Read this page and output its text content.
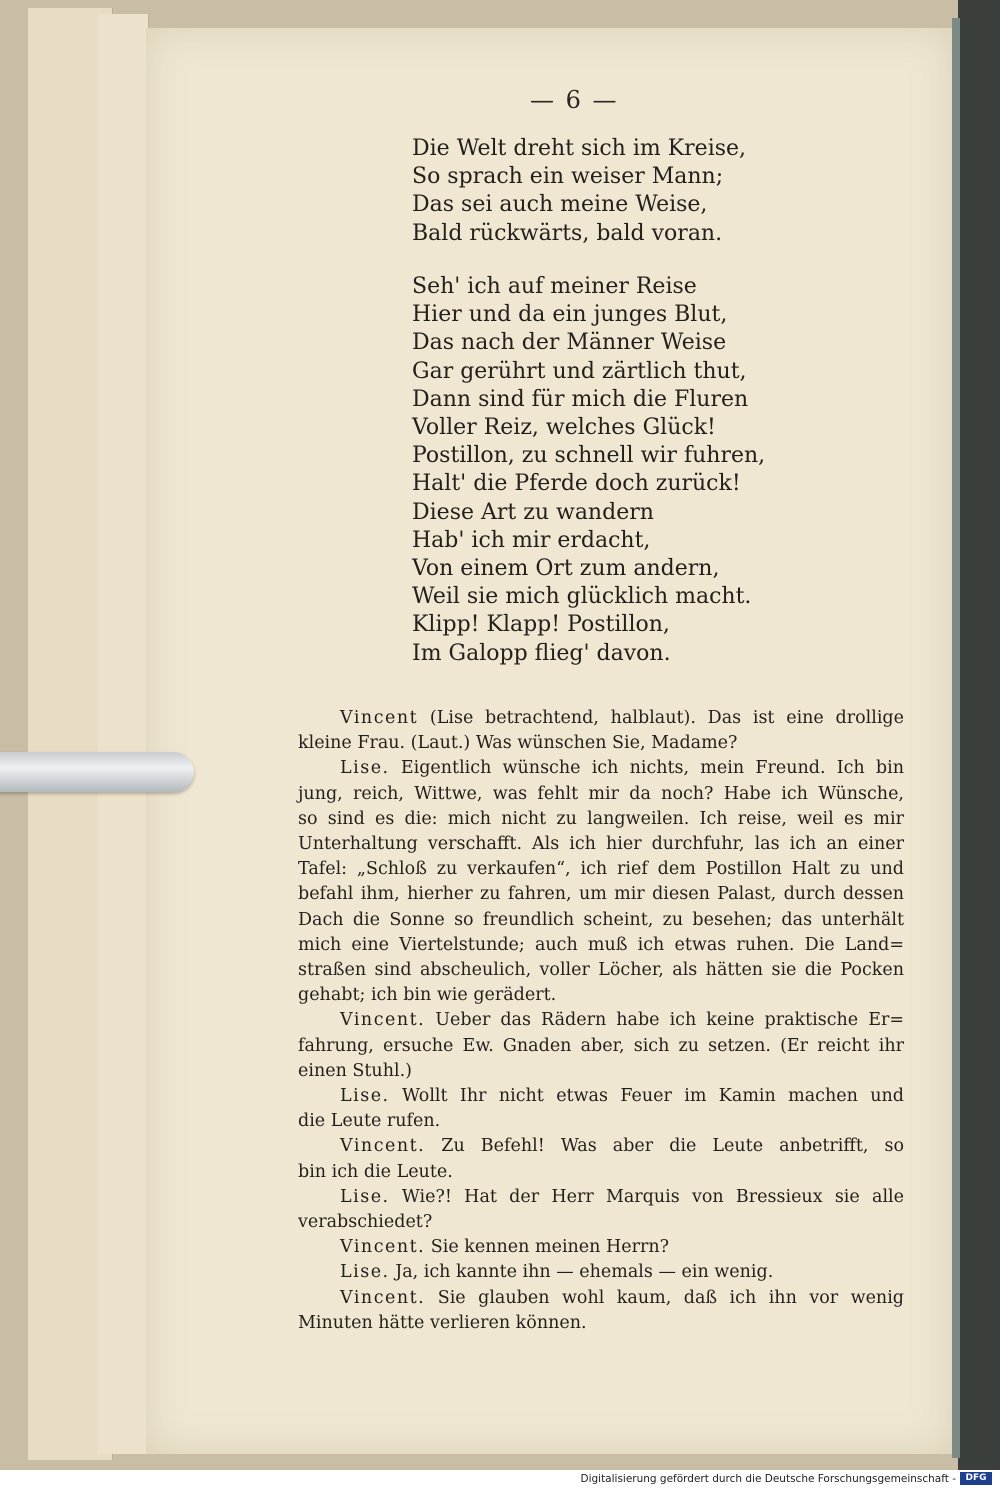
— 6 —
Die Welt dreht sich im Kreise,
So sprach ein weiser Mann;
Das sei auch meine Weise,
Bald rückwärts, bald voran.
Seh' ich auf meiner Reise
Hier und da ein junges Blut,
Das nach der Männer Weise
Gar gerührt und zärtlich thut,
Dann sind für mich die Fluren
Voller Reiz, welches Glück!
Postillon, zu schnell wir fuhren,
Halt' die Pferde doch zurück!
Diese Art zu wandern
Hab' ich mir erdacht,
Von einem Ort zum andern,
Weil sie mich glücklich macht.
Klipp! Klapp! Postillon,
Im Galopp flieg' davon.
Vincent (Lise betrachtend, halblaut). Das ist eine drollige
kleine Frau. (Laut.) Was wünschen Sie, Madame?
Lise. Eigentlich wünsche ich nichts, mein Freund. Ich bin
jung, reich, Wittwe, was fehlt mir da noch? Habe ich Wünsche,
so sind es die: mich nicht zu langweilen. Ich reise, weil es mir
Unterhaltung verschafft. Als ich hier durchfuhr, las ich an einer
Tafel: „Schloß zu verkaufen“, ich rief dem Postillon Halt zu und
befahl ihm, hierher zu fahren, um mir diesen Palast, durch dessen
Dach die Sonne so freundlich scheint, zu besehen; das unterhält
mich eine Viertelstunde; auch muß ich etwas ruhen. Die Land=
straßen sind abscheulich, voller Löcher, als hätten sie die Pocken
gehabt; ich bin wie gerädert.
Vincent. Ueber das Rädern habe ich keine praktische Er=
fahrung, ersuche Ew. Gnaden aber, sich zu setzen. (Er reicht ihr
einen Stuhl.)
Lise. Wollt Ihr nicht etwas Feuer im Kamin machen und
die Leute rufen.
Vincent. Zu Befehl! Was aber die Leute anbetrifft, so
bin ich die Leute.
Lise. Wie?! Hat der Herr Marquis von Bressieux sie alle
verabschiedet?
Vincent. Sie kennen meinen Herrn?
Lise. Ja, ich kannte ihn — ehemals — ein wenig.
Vincent. Sie glauben wohl kaum, daß ich ihn vor wenig
Minuten hätte verlieren können.
Digitalisierung gefördert durch die Deutsche Forschungsgemeinschaft -	DFG
